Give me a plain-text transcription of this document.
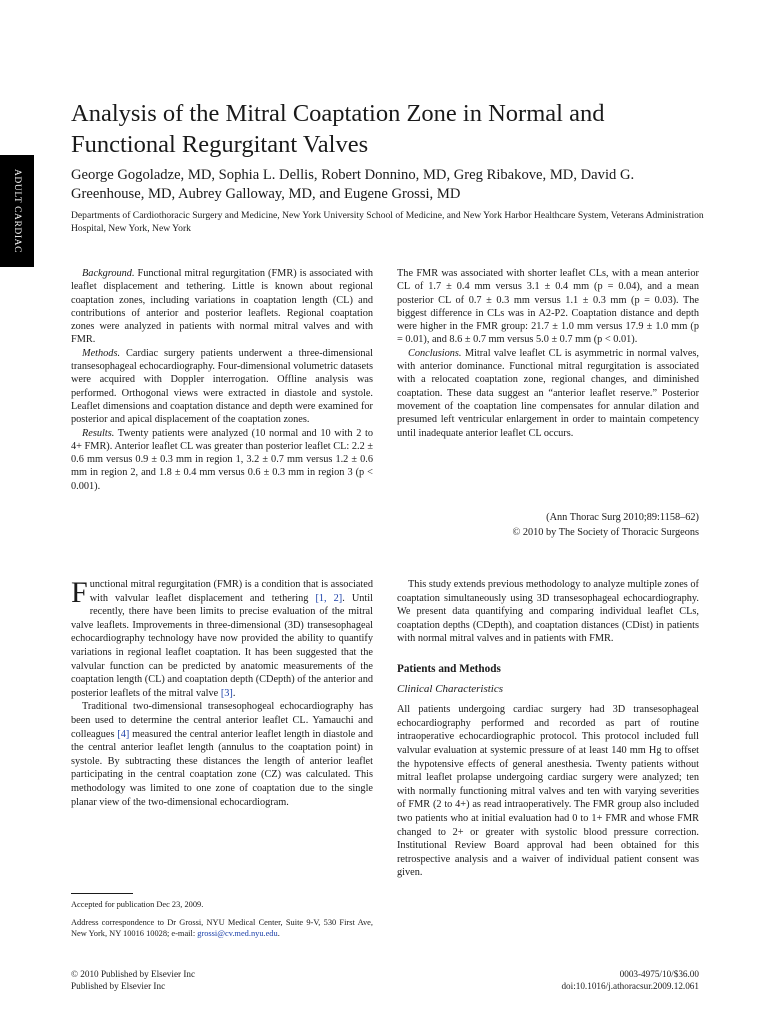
ADULT CARDIAC
Analysis of the Mitral Coaptation Zone in Normal and Functional Regurgitant Valves
George Gogoladze, MD, Sophia L. Dellis, Robert Donnino, MD, Greg Ribakove, MD, David G. Greenhouse, MD, Aubrey Galloway, MD, and Eugene Grossi, MD
Departments of Cardiothoracic Surgery and Medicine, New York University School of Medicine, and New York Harbor Healthcare System, Veterans Administration Hospital, New York, New York

Background. Functional mitral regurgitation (FMR) is associated with leaflet displacement and tethering. Little is known about regional coaptation zones, including variations in coaptation length (CL) and contributions of anterior and posterior leaflets. Regional coaptation zones were analyzed in patients with normal mitral valves and with FMR.

Methods. Cardiac surgery patients underwent a three-dimensional transesophageal echocardiography. Four-dimensional volumetric datasets were acquired with Doppler interrogation. Offline analysis was performed. Orthogonal views were extracted in diastole and systole. Leaflet dimensions and coaptation distance and depth were examined for posterior and apical displacement of the coaptation zones.

Results. Twenty patients were analyzed (10 normal and 10 with 2 to 4+ FMR). Anterior leaflet CL was greater than posterior leaflet CL: 2.2 ± 0.6 mm versus 0.9 ± 0.3 mm in region 1, 3.2 ± 0.7 mm versus 1.2 ± 0.6 mm in region 2, and 1.8 ± 0.4 mm versus 0.6 ± 0.3 mm in region 3 (p < 0.001).

The FMR was associated with shorter leaflet CLs, with a mean anterior CL of 1.7 ± 0.4 mm versus 3.1 ± 0.4 mm (p = 0.04), and a mean posterior CL of 0.7 ± 0.3 mm versus 1.1 ± 0.3 mm (p = 0.03). The biggest difference in CLs was in A2-P2. Coaptation distance and depth were higher in the FMR group: 21.7 ± 1.0 mm versus 17.9 ± 1.0 mm (p = 0.01), and 8.6 ± 0.7 mm versus 5.0 ± 0.7 mm (p < 0.01).

Conclusions. Mitral valve leaflet CL is asymmetric in normal valves, with anterior dominance. Functional mitral regurgitation is associated with a relocated coaptation zone, regional changes, and diminished coaptation. These data suggest an “anterior leaflet reserve.” Posterior movement of the coaptation line compensates for annular dilation and presumed left ventricular enlargement in order to maintain competency until inadequate anterior leaflet CL occurs.

(Ann Thorac Surg 2010;89:1158–62)
© 2010 by The Society of Thoracic Surgeons

Functional mitral regurgitation (FMR) is a condition that is associated with valvular leaflet displacement and tethering [1, 2]. Until recently, there have been limits to precise evaluation of the mitral valve leaflets. Improvements in three-dimensional (3D) transesophageal echocardiography technology have now provided the ability to quantify variations in regional leaflet coaptation. It has been suggested that the valvular function can be predicted by anatomic measurements of the coaptation length (CL) and coaptation depth (CDepth) of the anterior and posterior leaflets of the mitral valve [3].

Traditional two-dimensional transesophogeal echocardiography has been used to determine the central anterior leaflet CL. Yamauchi and colleagues [4] measured the central anterior leaflet length in diastole and the central anterior leaflet length (annulus to the coaptation point) in systole. By subtracting these distances the length of anterior leaflet participating in the central coaptation zone (CZ) was calculated. This methodology was limited to one zone of coaptation due to the single planar view of the two-dimensional echocardiogram.

This study extends previous methodology to analyze multiple zones of coaptation simultaneously using 3D transesophageal echocardiography. We present data quantifying and comparing individual leaflet CLs, coaptation depths (CDepth), and coaptation distances (CDist) in patients with normal mitral valves and in patients with FMR.

Patients and Methods
Clinical Characteristics

All patients undergoing cardiac surgery had 3D transesophageal echocardiography performed and recorded as part of routine intraoperative echocardiographic protocol. This protocol included full valvular evaluation at systemic pressure of at least 140 mm Hg to offset the hypotensive effects of general anesthesia. Twenty patients without mitral leaflet prolapse undergoing cardiac surgery were analyzed; ten with normally functioning mitral valves and ten with varying severities of FMR (2 to 4+) as read intraoperatively. The FMR group also included two patients who at initial evaluation had 0 to 1+ FMR and whose FMR changed to 2+ or greater with systolic blood pressure correction. Institutional Review Board approval had been obtained for this retrospective analysis and a waiver of individual patient consent was given.

Accepted for publication Dec 23, 2009.

Address correspondence to Dr Grossi, NYU Medical Center, Suite 9-V, 530 First Ave, New York, NY 10016 10028; e-mail: grossi@cv.med.nyu.edu.

© 2010 Published by Elsevier Inc
Published by Elsevier Inc
0003-4975/10/$36.00
doi:10.1016/j.athoracsur.2009.12.061
